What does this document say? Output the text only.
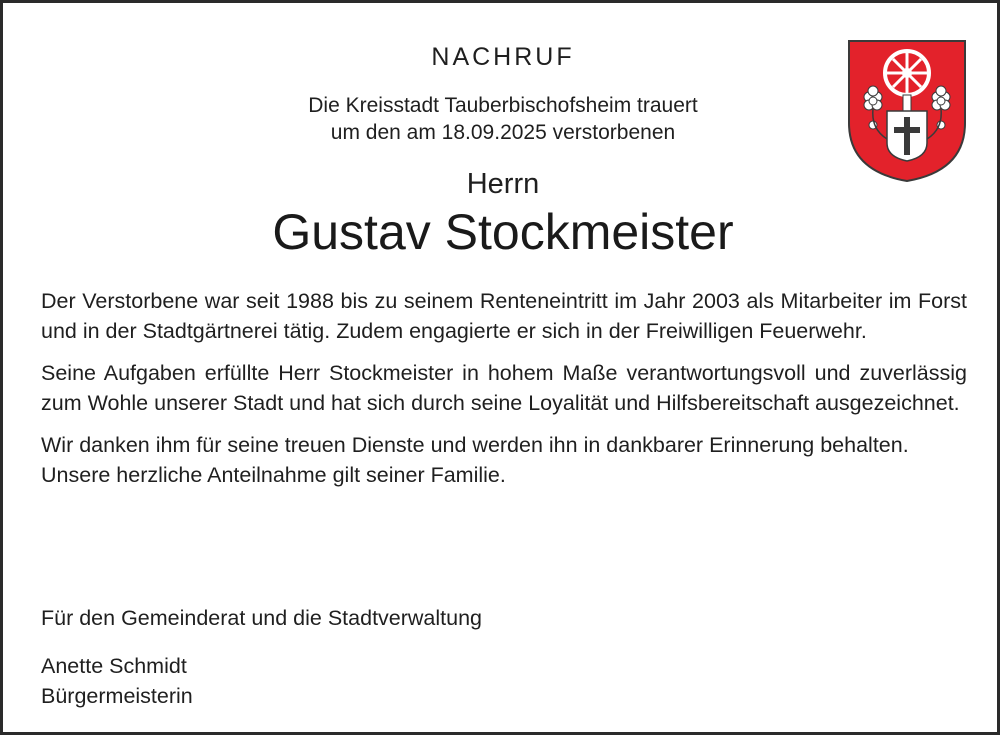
NACHRUF
Die Kreisstadt Tauberbischofsheim trauert
um den am 18.09.2025 verstorbenen
Herrn
Gustav Stockmeister

Der Verstorbene war seit 1988 bis zu seinem Renteneintritt im Jahr 2003 als Mitarbeiter im Forst und in der Stadtgärtnerei tätig. Zudem engagierte er sich in der Freiwilligen Feuerwehr.

Seine Aufgaben erfüllte Herr Stockmeister in hohem Maße verantwortungsvoll und zuverlässig zum Wohle unserer Stadt und hat sich durch seine Loyalität und Hilfsbereitschaft ausgezeichnet.

Wir danken ihm für seine treuen Dienste und werden ihn in dankbarer Erinnerung behalten.

Unsere herzliche Anteilnahme gilt seiner Familie.

Für den Gemeinderat und die Stadtverwaltung
Anette Schmidt
Bürgermeisterin
